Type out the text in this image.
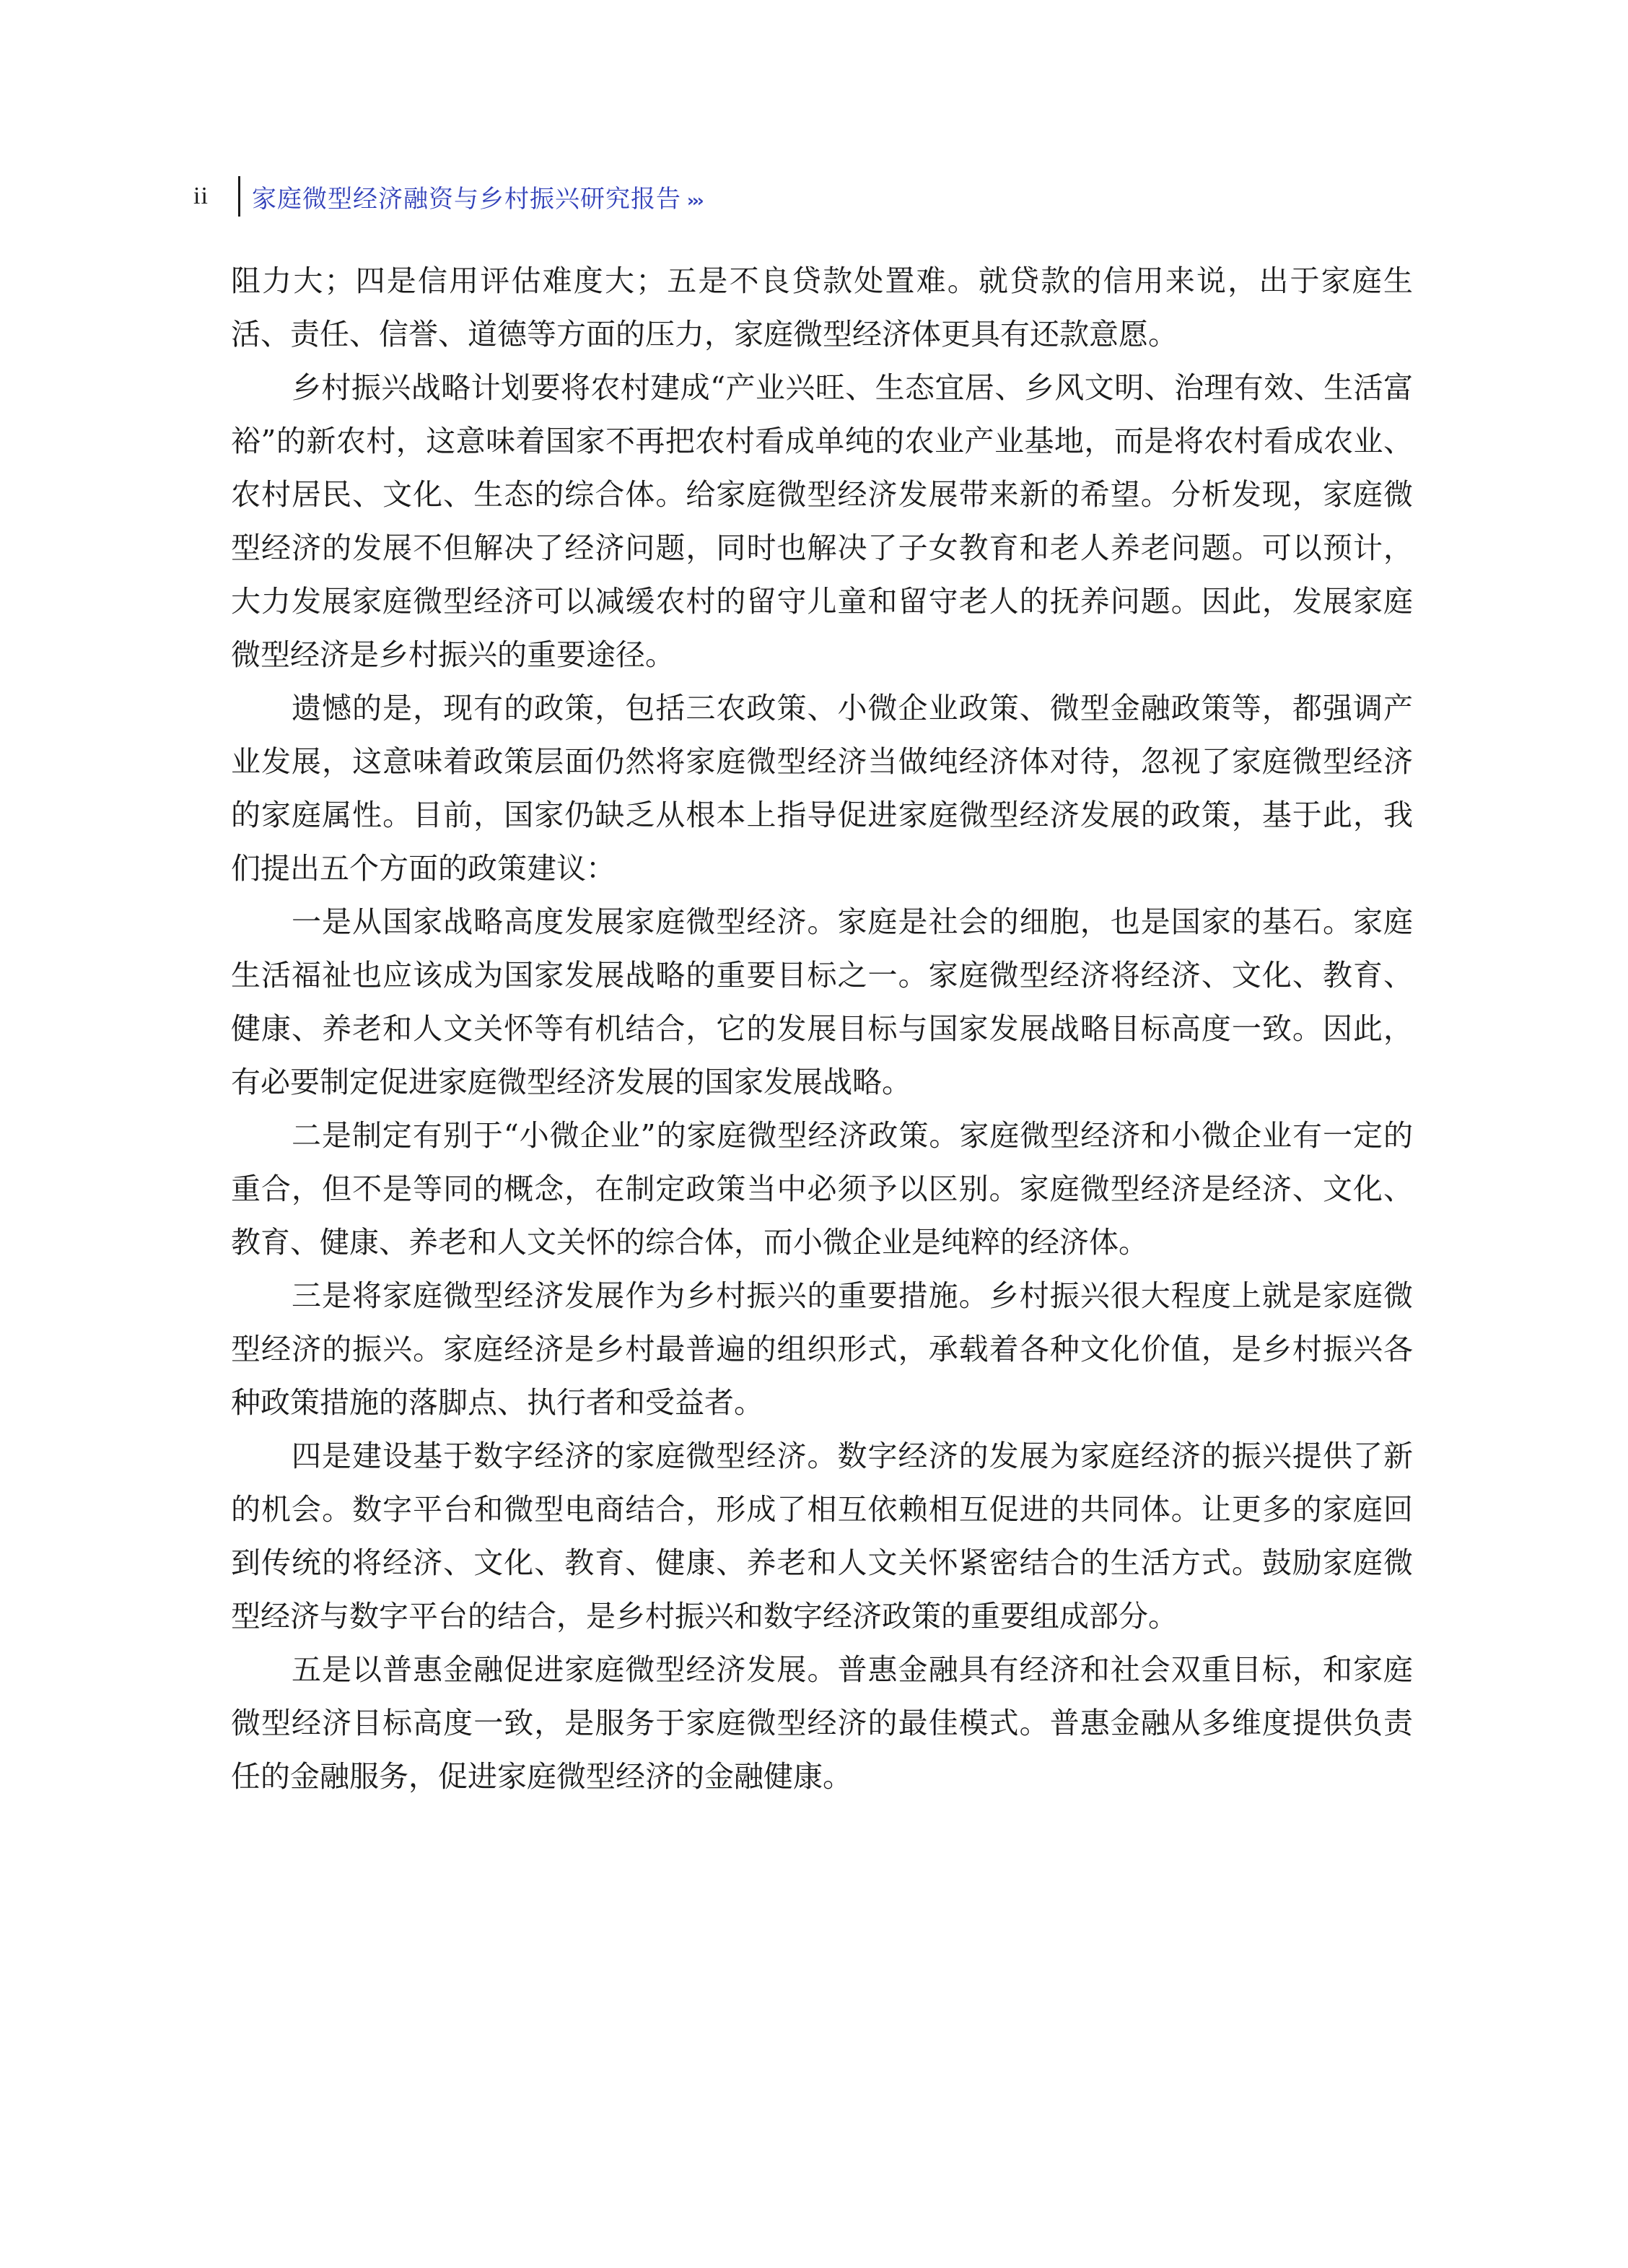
ii	家庭微型经济融资与乡村振兴研究报告 ›››

阻力大；四是信用评估难度大；五是不良贷款处置难。就贷款的信用来说，出于家庭生活、责任、信誉、道德等方面的压力，家庭微型经济体更具有还款意愿。

乡村振兴战略计划要将农村建成“产业兴旺、生态宜居、乡风文明、治理有效、生活富裕”的新农村，这意味着国家不再把农村看成单纯的农业产业基地，而是将农村看成农业、农村居民、文化、生态的综合体。给家庭微型经济发展带来新的希望。分析发现，家庭微型经济的发展不但解决了经济问题，同时也解决了子女教育和老人养老问题。可以预计，大力发展家庭微型经济可以减缓农村的留守儿童和留守老人的抚养问题。因此，发展家庭微型经济是乡村振兴的重要途径。

遗憾的是，现有的政策，包括三农政策、小微企业政策、微型金融政策等，都强调产业发展，这意味着政策层面仍然将家庭微型经济当做纯经济体对待，忽视了家庭微型经济的家庭属性。目前，国家仍缺乏从根本上指导促进家庭微型经济发展的政策，基于此，我们提出五个方面的政策建议：

一是从国家战略高度发展家庭微型经济。家庭是社会的细胞，也是国家的基石。家庭生活福祉也应该成为国家发展战略的重要目标之一。家庭微型经济将经济、文化、教育、健康、养老和人文关怀等有机结合，它的发展目标与国家发展战略目标高度一致。因此，有必要制定促进家庭微型经济发展的国家发展战略。

二是制定有别于“小微企业”的家庭微型经济政策。家庭微型经济和小微企业有一定的重合，但不是等同的概念，在制定政策当中必须予以区别。家庭微型经济是经济、文化、教育、健康、养老和人文关怀的综合体，而小微企业是纯粹的经济体。

三是将家庭微型经济发展作为乡村振兴的重要措施。乡村振兴很大程度上就是家庭微型经济的振兴。家庭经济是乡村最普遍的组织形式，承载着各种文化价值，是乡村振兴各种政策措施的落脚点、执行者和受益者。

四是建设基于数字经济的家庭微型经济。数字经济的发展为家庭经济的振兴提供了新的机会。数字平台和微型电商结合，形成了相互依赖相互促进的共同体。让更多的家庭回到传统的将经济、文化、教育、健康、养老和人文关怀紧密结合的生活方式。鼓励家庭微型经济与数字平台的结合，是乡村振兴和数字经济政策的重要组成部分。

五是以普惠金融促进家庭微型经济发展。普惠金融具有经济和社会双重目标，和家庭微型经济目标高度一致，是服务于家庭微型经济的最佳模式。普惠金融从多维度提供负责任的金融服务，促进家庭微型经济的金融健康。
